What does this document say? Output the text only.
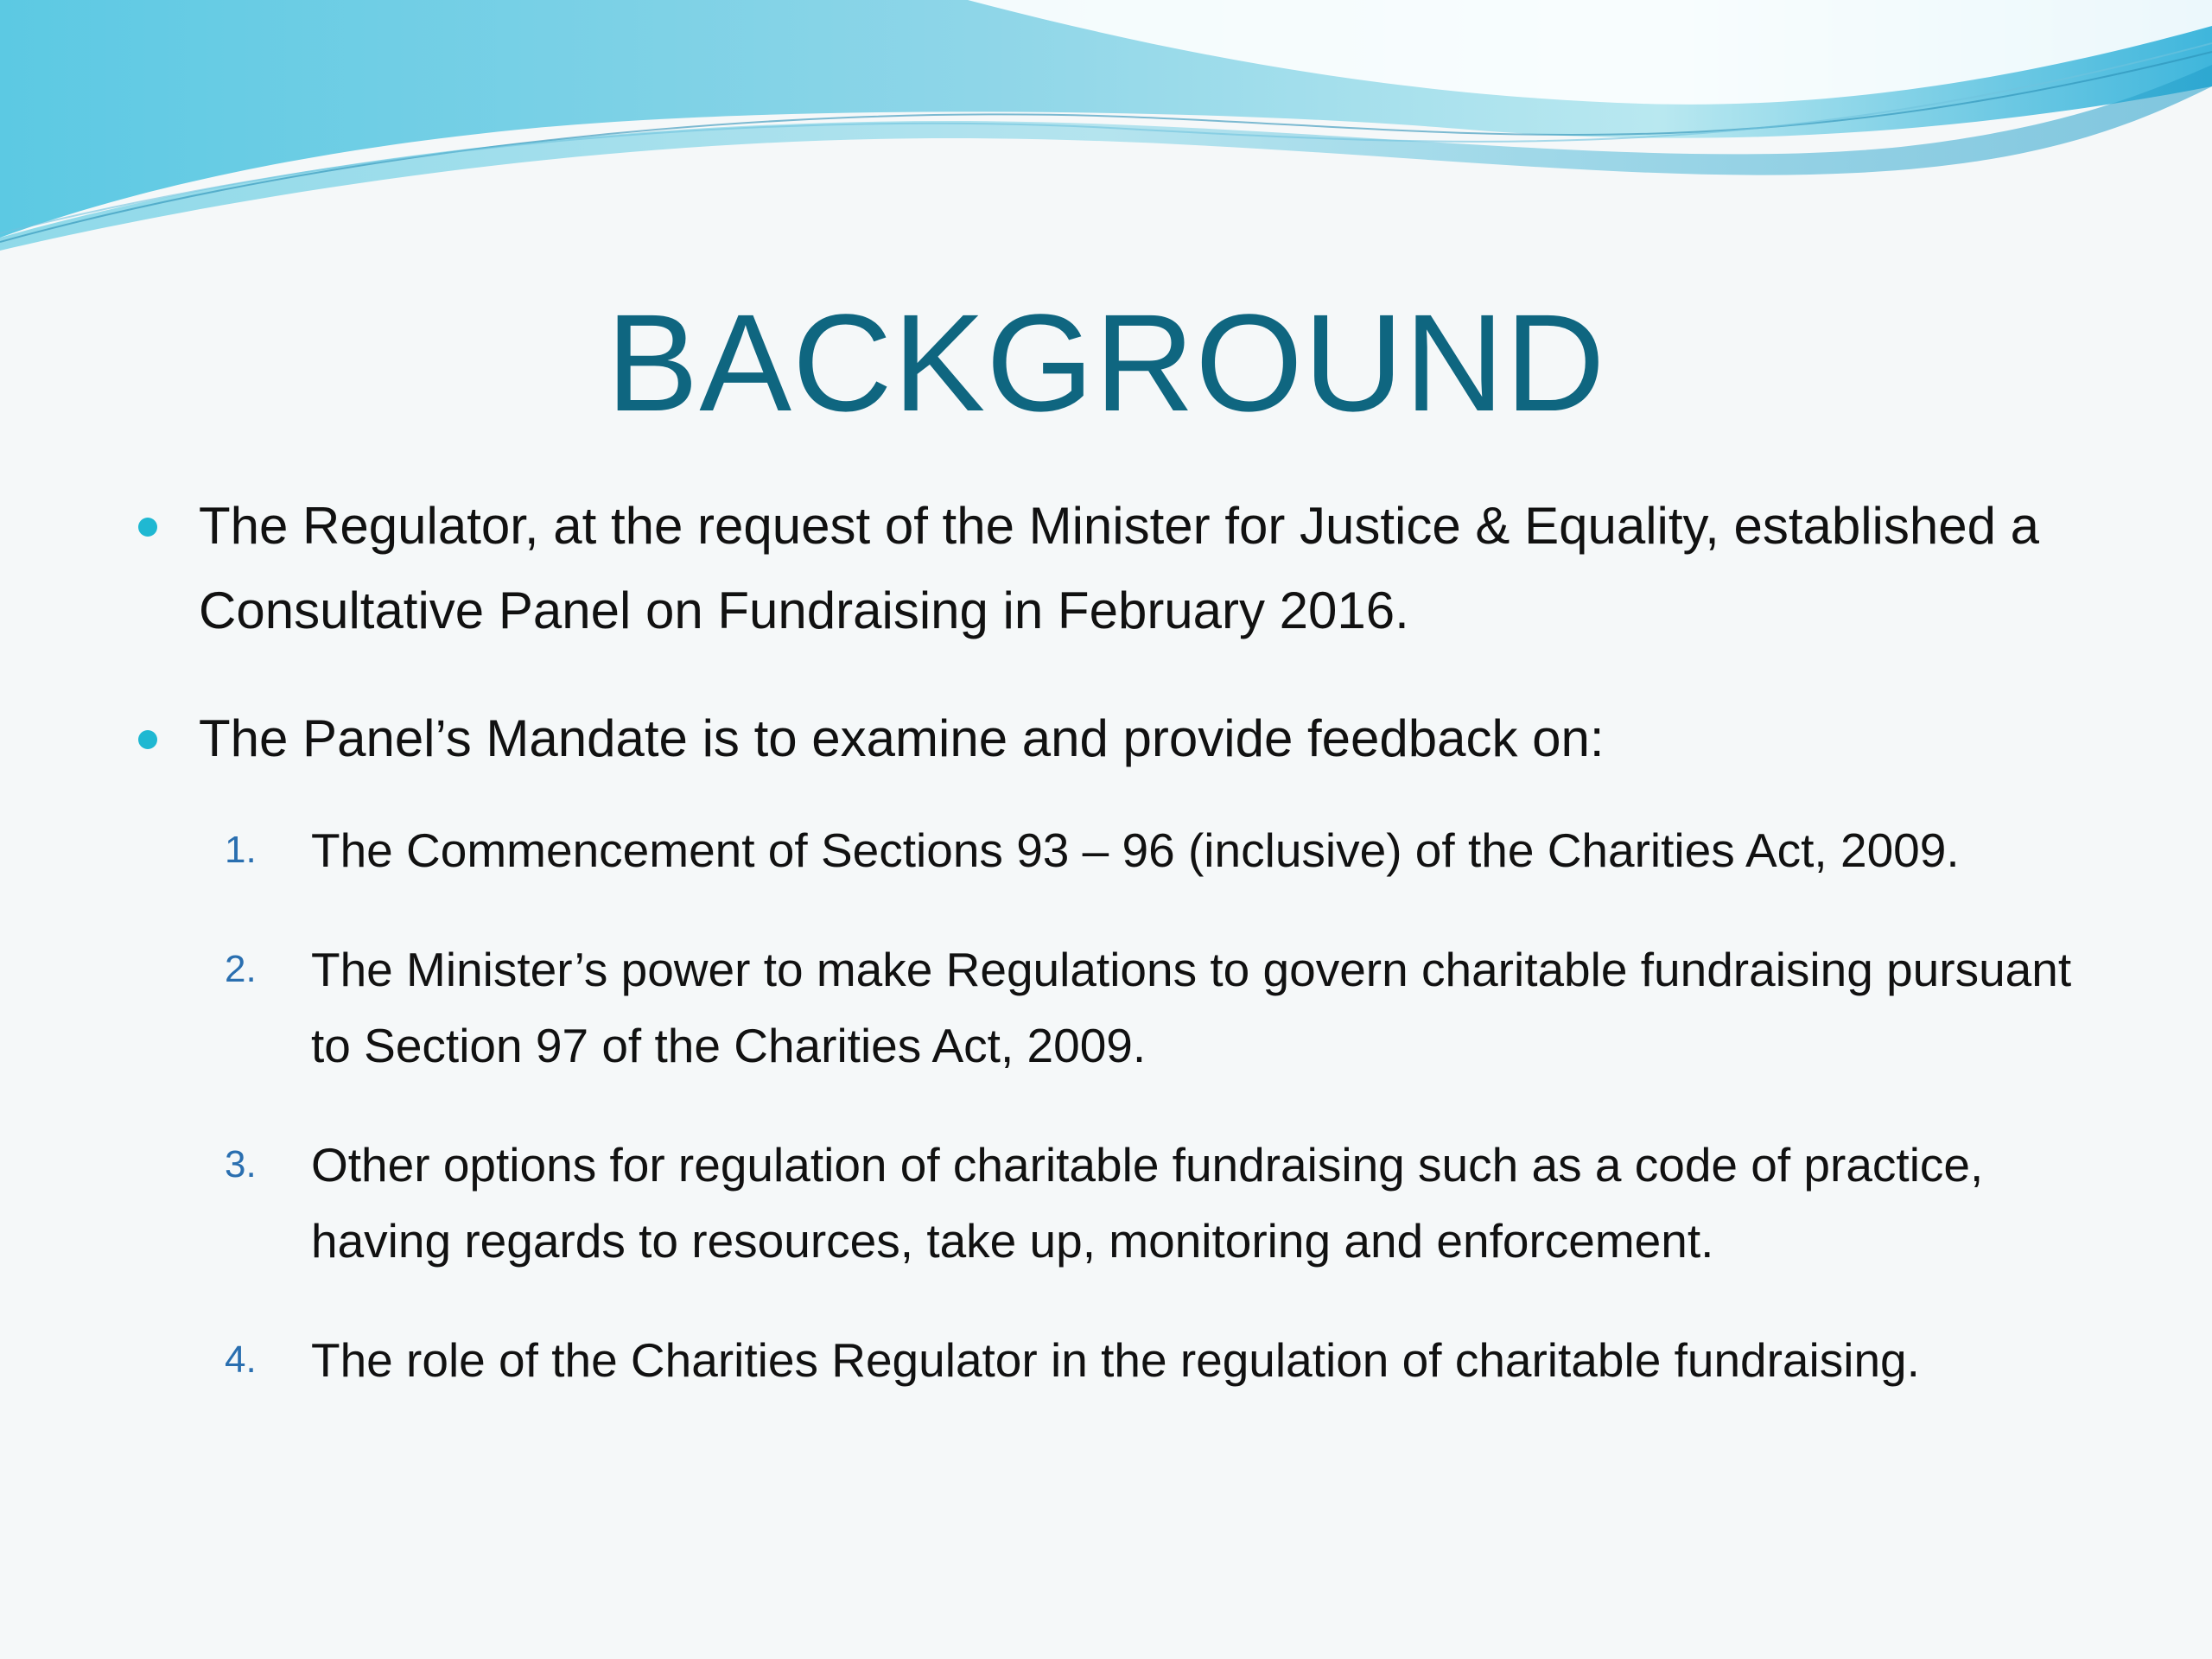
BACKGROUND
The Regulator, at the request of the Minister for Justice & Equality, established a Consultative Panel on Fundraising in February 2016.
The Panel’s Mandate is to examine and provide feedback on:
1. The Commencement of Sections 93 – 96 (inclusive) of the Charities Act, 2009.
2. The Minister’s power to make Regulations to govern charitable fundraising pursuant to Section 97 of the Charities Act, 2009.
3. Other options for regulation of charitable fundraising such as a code of practice, having regards to resources, take up, monitoring and enforcement.
4. The role of the Charities Regulator in the regulation of charitable fundraising.
